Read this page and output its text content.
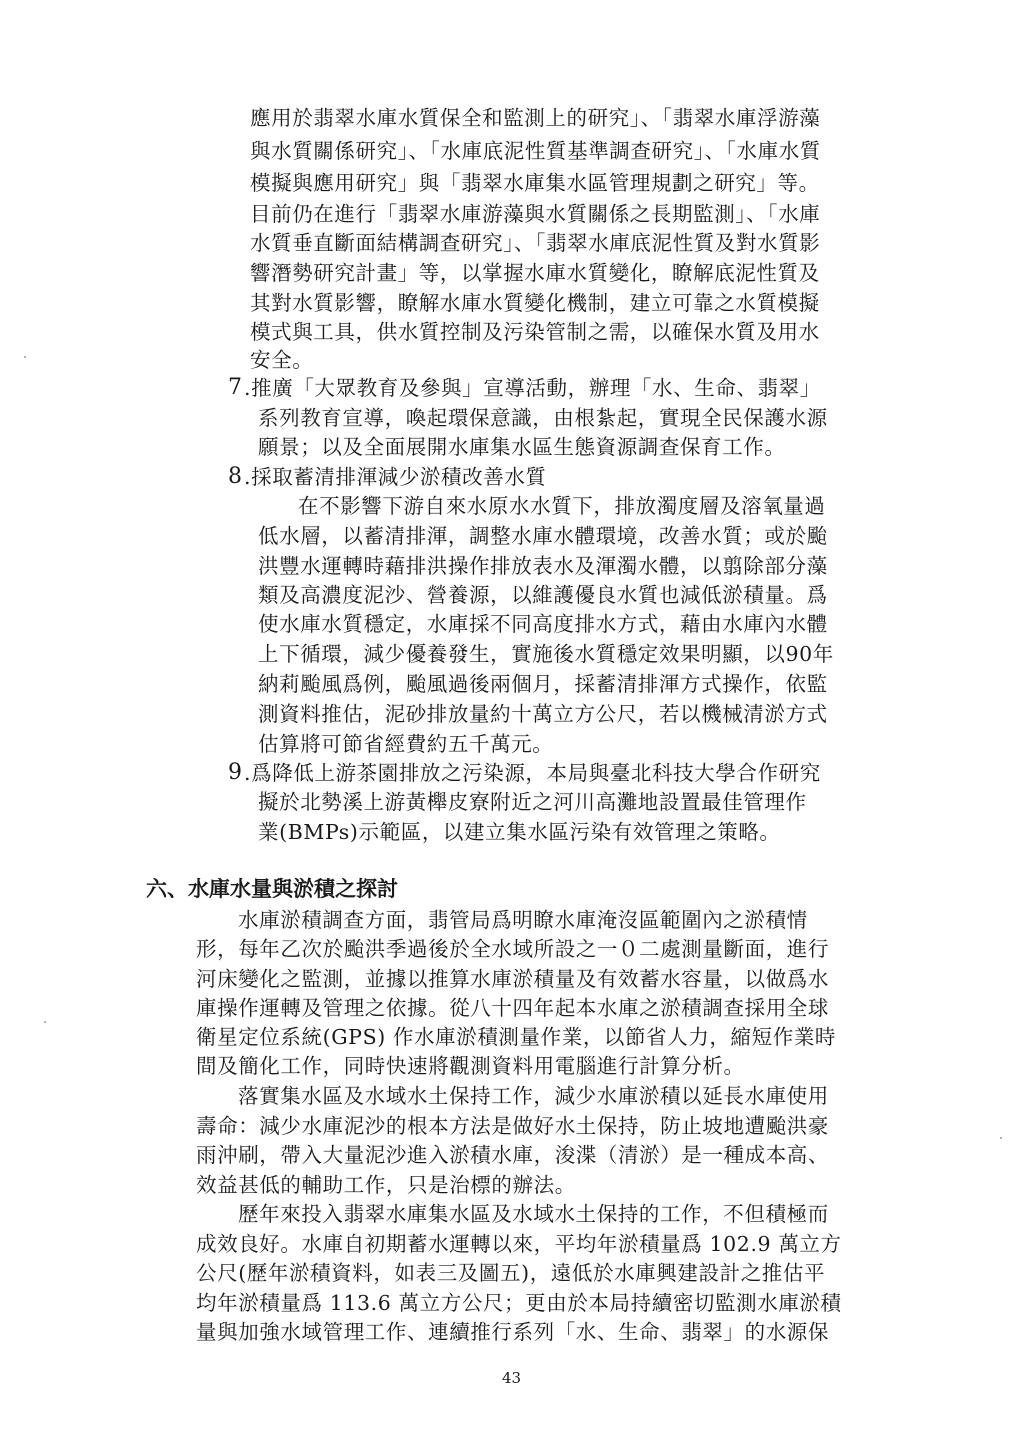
應用於翡翠水庫水質保全和監測上的研究」、「翡翠水庫浮游藻
與水質關係研究」、「水庫底泥性質基準調查研究」、「水庫水質
模擬與應用研究」與「翡翠水庫集水區管理規劃之研究」等。
目前仍在進行「翡翠水庫游藻與水質關係之長期監測」、「水庫
水質垂直斷面結構調查研究」、「翡翠水庫底泥性質及對水質影
響潛勢研究計畫」等，以掌握水庫水質變化，瞭解底泥性質及
其對水質影響，瞭解水庫水質變化機制，建立可靠之水質模擬
模式與工具，供水質控制及污染管制之需，以確保水質及用水
安全。
7 .推廣「大眾教育及參與」宣導活動，辦理「水、生命、翡翠」
系列教育宣導，喚起環保意識，由根紮起，實現全民保護水源
願景；以及全面展開水庫集水區生態資源調查保育工作。
8 .採取蓄清排渾減少淤積改善水質
在不影響下游自來水原水水質下，排放濁度層及溶氧量過
低水層，以蓄清排渾，調整水庫水體環境，改善水質；或於颱
洪豐水運轉時藉排洪操作排放表水及渾濁水體，以翦除部分藻
類及高濃度泥沙、營養源，以維護優良水質也減低淤積量。爲
使水庫水質穩定，水庫採不同高度排水方式，藉由水庫內水體
上下循環，減少優養發生，實施後水質穩定效果明顯，以90年
納莉颱風爲例，颱風過後兩個月，採蓄清排渾方式操作，依監
測資料推估，泥砂排放量約十萬立方公尺，若以機械清淤方式
估算將可節省經費約五千萬元。
9 .爲降低上游茶園排放之污染源，本局與臺北科技大學合作研究
擬於北勢溪上游黃櫸皮寮附近之河川高灘地設置最佳管理作
業(BMPs)示範區，以建立集水區污染有效管理之策略。
六、水庫水量與淤積之探討
水庫淤積調查方面，翡管局爲明瞭水庫淹沒區範圍內之淤積情
形，每年乙次於颱洪季過後於全水域所設之一０二處測量斷面，進行
河床變化之監測，並據以推算水庫淤積量及有效蓄水容量，以做爲水
庫操作運轉及管理之依據。從八十四年起本水庫之淤積調查採用全球
衛星定位系統(GPS) 作水庫淤積測量作業，以節省人力，縮短作業時
間及簡化工作，同時快速將觀測資料用電腦進行計算分析。
落實集水區及水域水土保持工作，減少水庫淤積以延長水庫使用
壽命：減少水庫泥沙的根本方法是做好水土保持，防止坡地遭颱洪豪
雨沖刷，帶入大量泥沙進入淤積水庫，浚渫（清淤）是一種成本高、
效益甚低的輔助工作，只是治標的辦法。
歷年來投入翡翠水庫集水區及水域水土保持的工作，不但積極而
成效良好。水庫自初期蓄水運轉以來，平均年淤積量爲 102.9 萬立方
公尺(歷年淤積資料，如表三及圖五)，遠低於水庫興建設計之推估平
均年淤積量爲 113.6 萬立方公尺；更由於本局持續密切監測水庫淤積
量與加強水域管理工作、連續推行系列「水、生命、翡翠」的水源保
43
